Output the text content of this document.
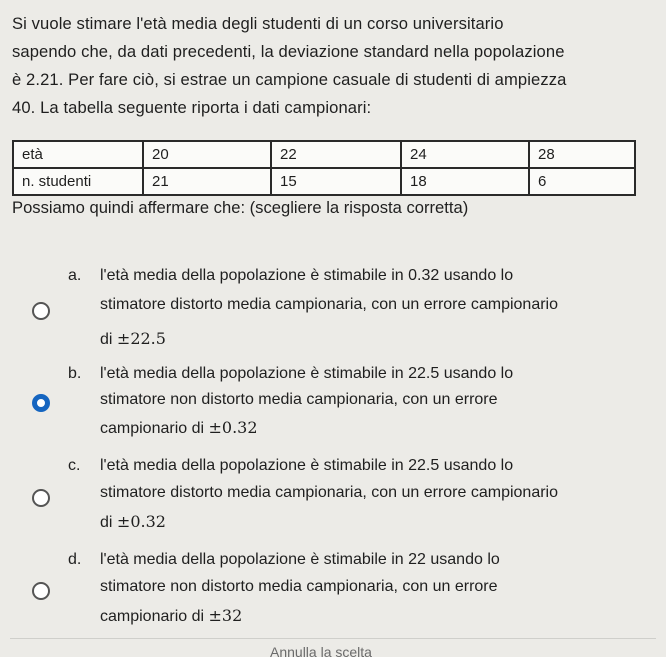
Si vuole stimare l'età media degli studenti di un corso universitario
sapendo che, da dati precedenti, la deviazione standard nella popolazione
è 2.21. Per fare ciò, si estrae un campione casuale di studenti di ampiezza
40. La tabella seguente riporta i dati campionari:
età	20	22	24	28
n. studenti	21	15	18	6
Possiamo quindi affermare che: (scegliere la risposta corretta)
a. l'età media della popolazione è stimabile in 0.32 usando lo
stimatore distorto media campionaria, con un errore campionario
di ±22.5
b. l'età media della popolazione è stimabile in 22.5 usando lo
stimatore non distorto media campionaria, con un errore
campionario di ±0.32
c. l'età media della popolazione è stimabile in 22.5 usando lo
stimatore distorto media campionaria, con un errore campionario
di ±0.32
d. l'età media della popolazione è stimabile in 22 usando lo
stimatore non distorto media campionaria, con un errore
campionario di ±32
Annulla la scelta
